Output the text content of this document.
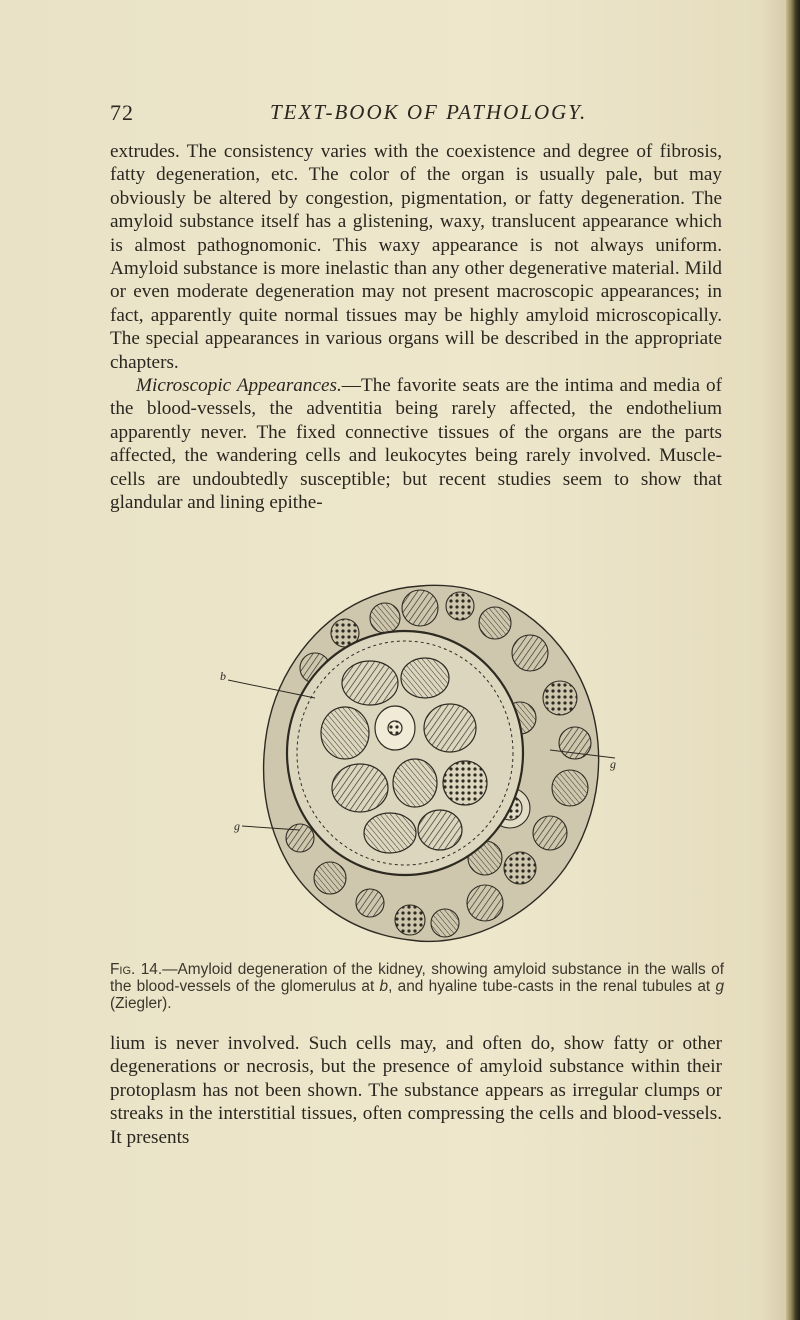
72	TEXT-BOOK OF PATHOLOGY.

extrudes. The consistency varies with the coexistence and degree of fibrosis, fatty degeneration, etc. The color of the organ is usually pale, but may obviously be altered by congestion, pigmentation, or fatty degeneration. The amyloid substance itself has a glistening, waxy, translucent appearance which is almost pathognomonic. This waxy appearance is not always uniform. Amyloid substance is more inelastic than any other degenerative material. Mild or even moderate degeneration may not present macroscopic appearances; in fact, apparently quite normal tissues may be highly amyloid microscopically. The special appearances in various organs will be described in the appropriate chapters.

Microscopic Appearances.—The favorite seats are the intima and media of the blood-vessels, the adventitia being rarely affected, the endothelium apparently never. The fixed connective tissues of the organs are the parts affected, the wandering cells and leukocytes being rarely involved. Muscle-cells are undoubtedly susceptible; but recent studies seem to show that glandular and lining epithe-

b
g
g
Fig. 14.—Amyloid degeneration of the kidney, showing amyloid substance in the walls of the blood-vessels of the glomerulus at b, and hyaline tube-casts in the renal tubules at g (Ziegler).

lium is never involved. Such cells may, and often do, show fatty or other degenerations or necrosis, but the presence of amyloid substance within their protoplasm has not been shown. The substance appears as irregular clumps or streaks in the interstitial tissues, often compressing the cells and blood-vessels. It presents
